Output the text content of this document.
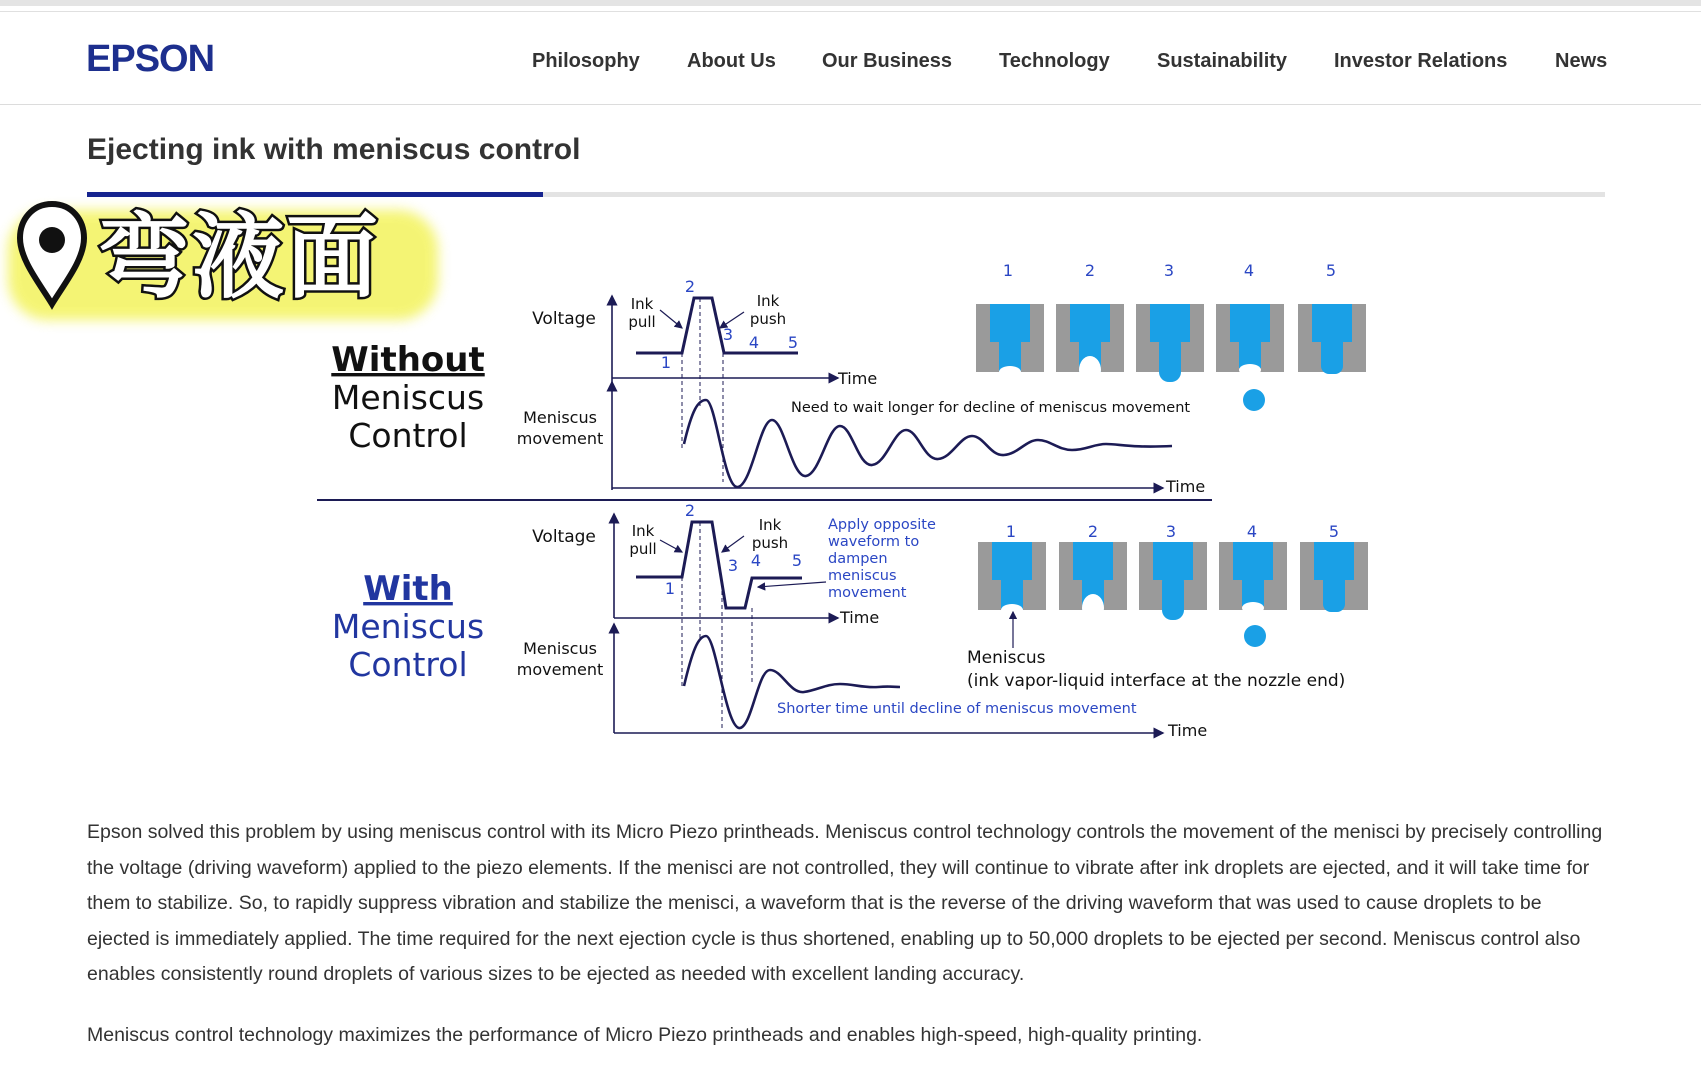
EPSON	Philosophy About Us Our Business Technology Sustainability Investor Relations News
Ejecting ink with meniscus control
Without
Meniscus
Control
Voltage
Time
Ink
pull
Ink
push
1
2
3 4 5
Meniscus
movement
Time
Need to wait longer for decline of meniscus movement
1	2	3	4	5
With
Meniscus
Control
Voltage
Time
Ink
pull
Ink
push
1
2
3 4 5
Apply opposite
waveform to
dampen
meniscus
movement
Meniscus
movement
Time
Shorter time until decline of meniscus movement
1	2	3	4	5
Meniscus
(ink vapor-liquid interface at the nozzle end)
弯液面

Epson solved this problem by using meniscus control with its Micro Piezo printheads. Meniscus control technology controls the movement of the menisci by precisely controlling the voltage (driving waveform) applied to the piezo elements. If the menisci are not controlled, they will continue to vibrate after ink droplets are ejected, and it will take time for them to stabilize. So, to rapidly suppress vibration and stabilize the menisci, a waveform that is the reverse of the driving waveform that was used to cause droplets to be ejected is immediately applied. The time required for the next ejection cycle is thus shortened, enabling up to 50,000 droplets to be ejected per second. Meniscus control also enables consistently round droplets of various sizes to be ejected as needed with excellent landing accuracy.

Meniscus control technology maximizes the performance of Micro Piezo printheads and enables high-speed, high-quality printing.
